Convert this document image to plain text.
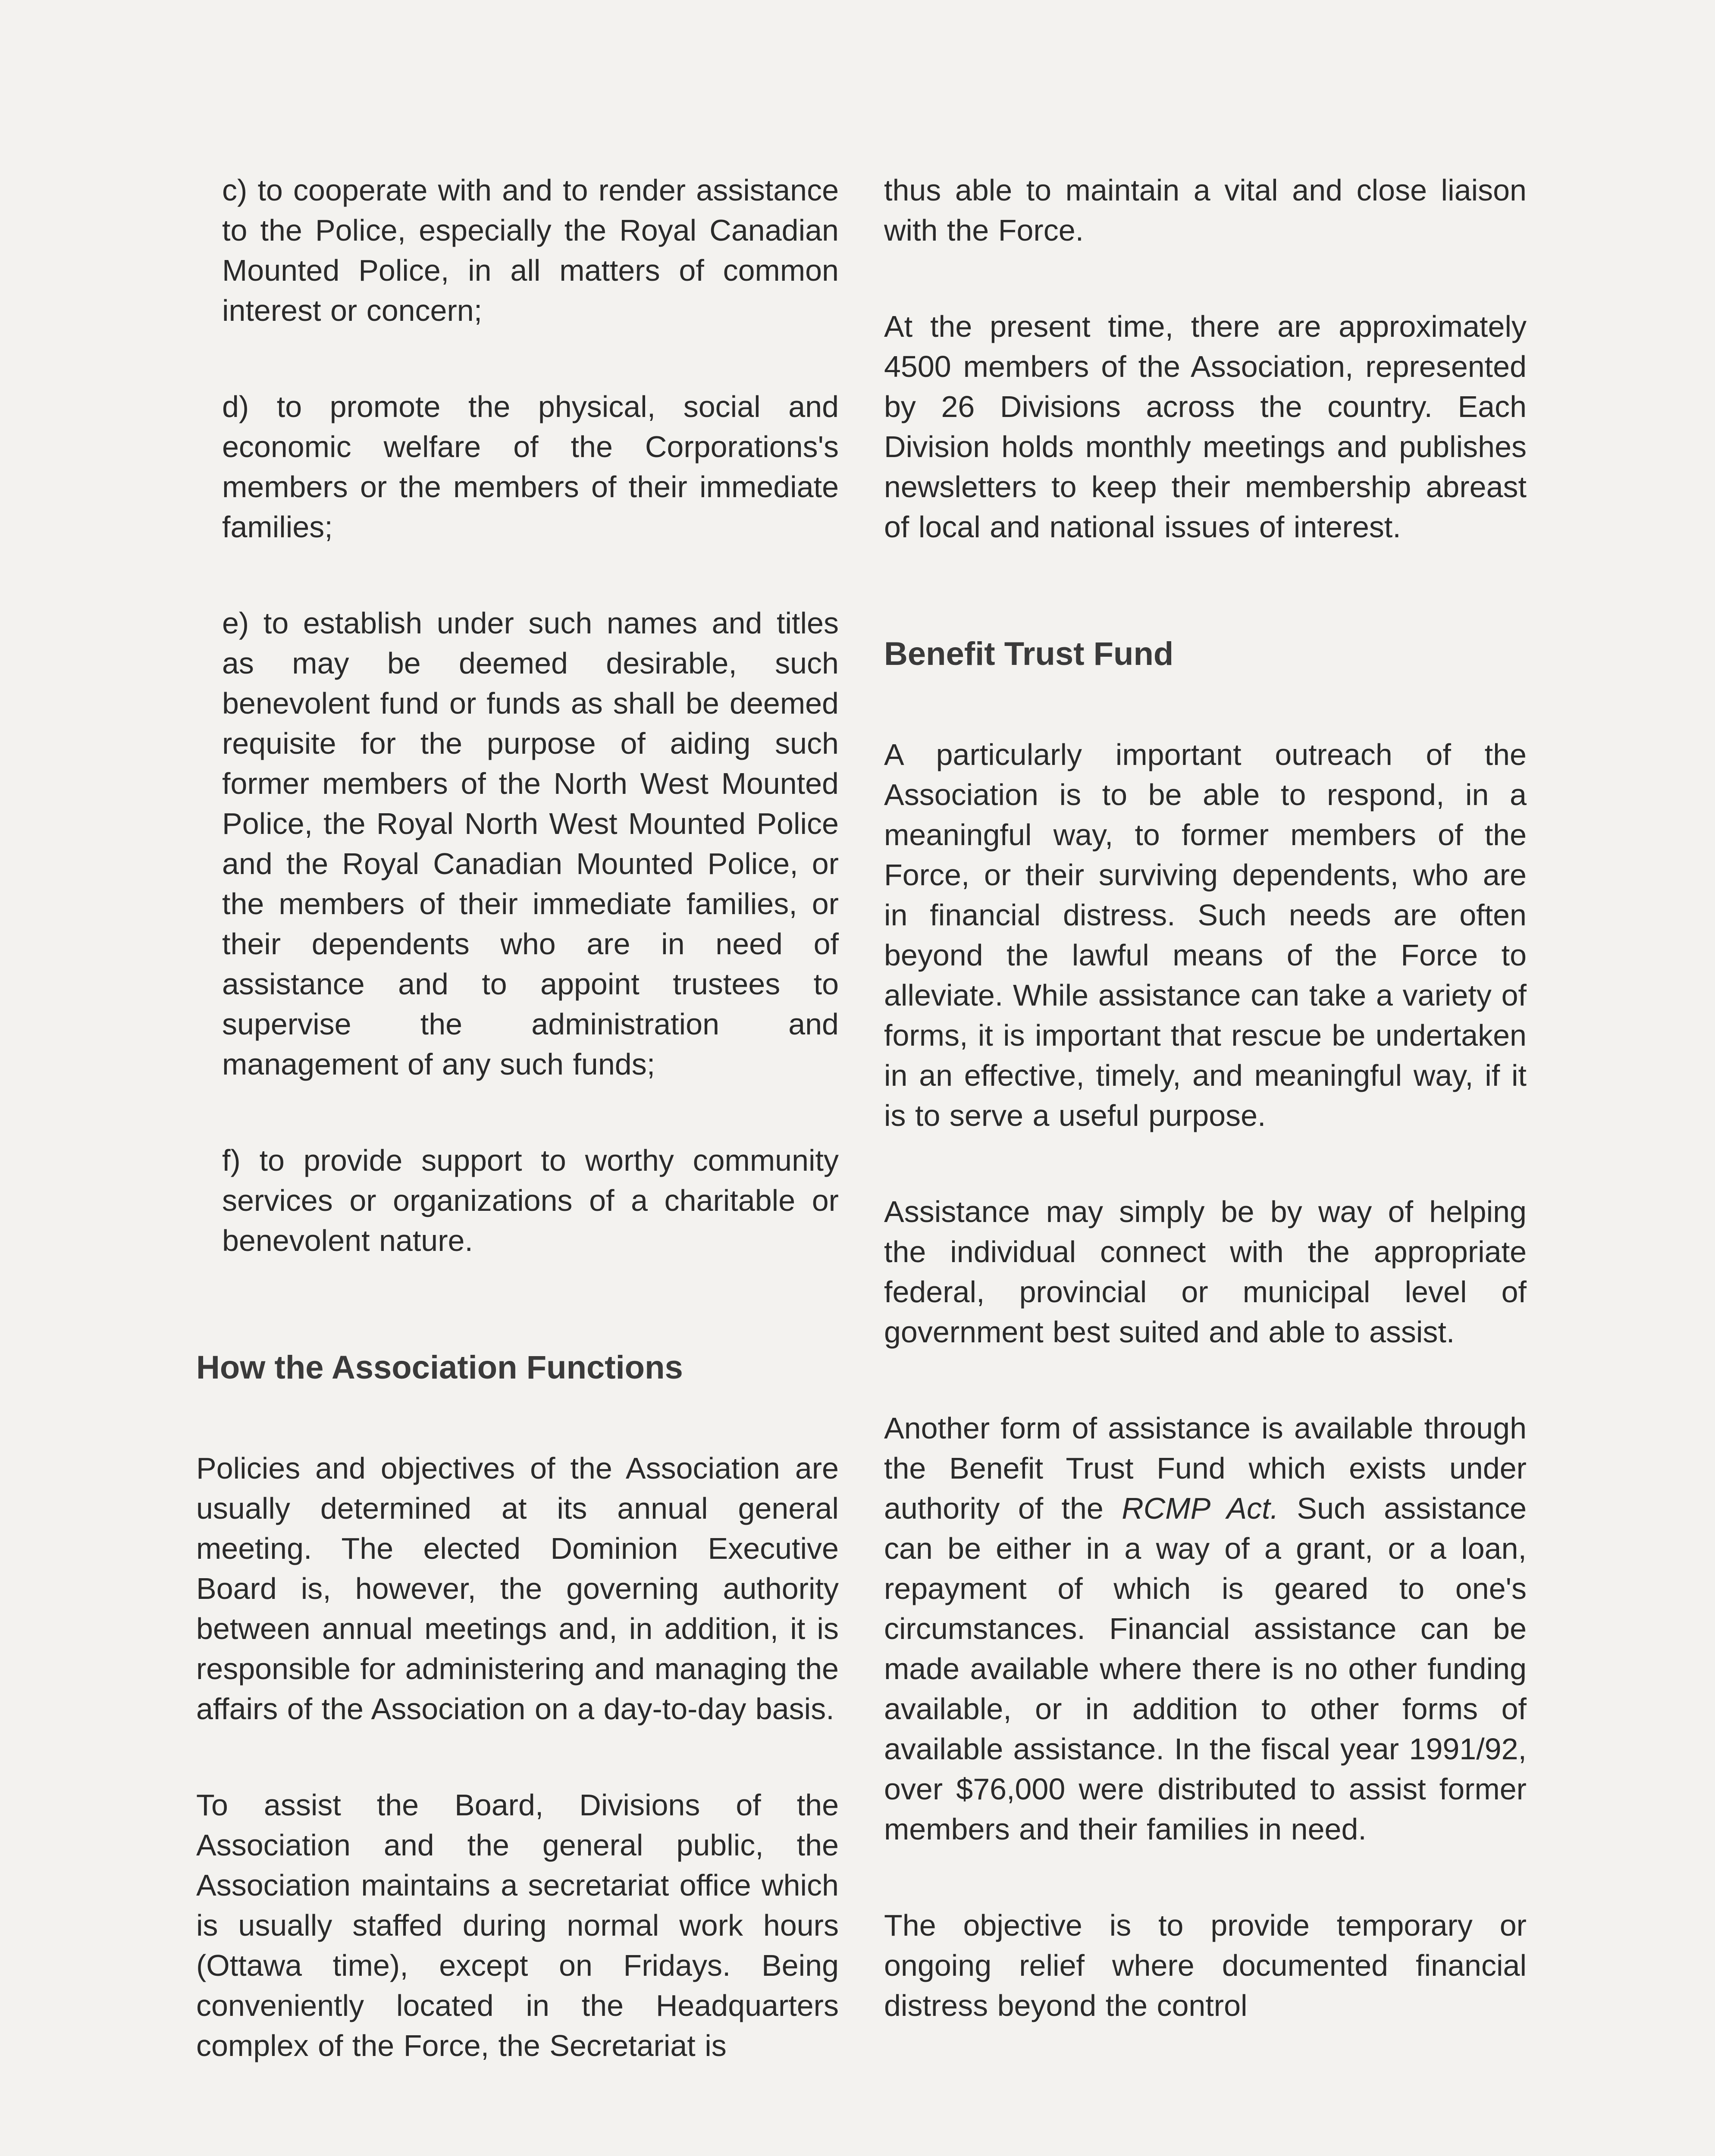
c) to cooperate with and to render assistance to the Police, especially the Royal Canadian Mounted Police, in all matters of common interest or concern;

d) to promote the physical, social and economic welfare of the Corporations's members or the members of their immediate families;

e) to establish under such names and titles as may be deemed desirable, such benevolent fund or funds as shall be deemed requisite for the purpose of aiding such former members of the North West Mounted Police, the Royal North West Mounted Police and the Royal Canadian Mounted Police, or the members of their immediate families, or their dependents who are in need of assistance and to appoint trustees to supervise the administration and management of any such funds;

f) to provide support to worthy community services or organizations of a charitable or benevolent nature.

How the Association Functions

Policies and objectives of the Association are usually determined at its annual general meeting. The elected Dominion Executive Board is, however, the governing authority between annual meetings and, in addition, it is responsible for administering and managing the affairs of the Association on a day-to-day basis.

To assist the Board, Divisions of the Association and the general public, the Association maintains a secretariat office which is usually staffed during normal work hours (Ottawa time), except on Fridays. Being conveniently located in the Headquarters complex of the Force, the Secretariat is

thus able to maintain a vital and close liaison with the Force.

At the present time, there are approximately 4500 members of the Association, represented by 26 Divisions across the country. Each Division holds monthly meetings and publishes newsletters to keep their membership abreast of local and national issues of interest.

Benefit Trust Fund

A particularly important outreach of the Association is to be able to respond, in a meaningful way, to former members of the Force, or their surviving dependents, who are in financial distress. Such needs are often beyond the lawful means of the Force to alleviate. While assistance can take a variety of forms, it is important that rescue be undertaken in an effective, timely, and meaningful way, if it is to serve a useful purpose.

Assistance may simply be by way of helping the individual connect with the appropriate federal, provincial or municipal level of government best suited and able to assist.

Another form of assistance is available through the Benefit Trust Fund which exists under authority of the RCMP Act. Such assistance can be either in a way of a grant, or a loan, repayment of which is geared to one's circumstances. Financial assistance can be made available where there is no other funding available, or in addition to other forms of available assistance. In the fiscal year 1991/92, over $76,000 were distributed to assist former members and their families in need.

The objective is to provide temporary or ongoing relief where documented financial distress beyond the control
